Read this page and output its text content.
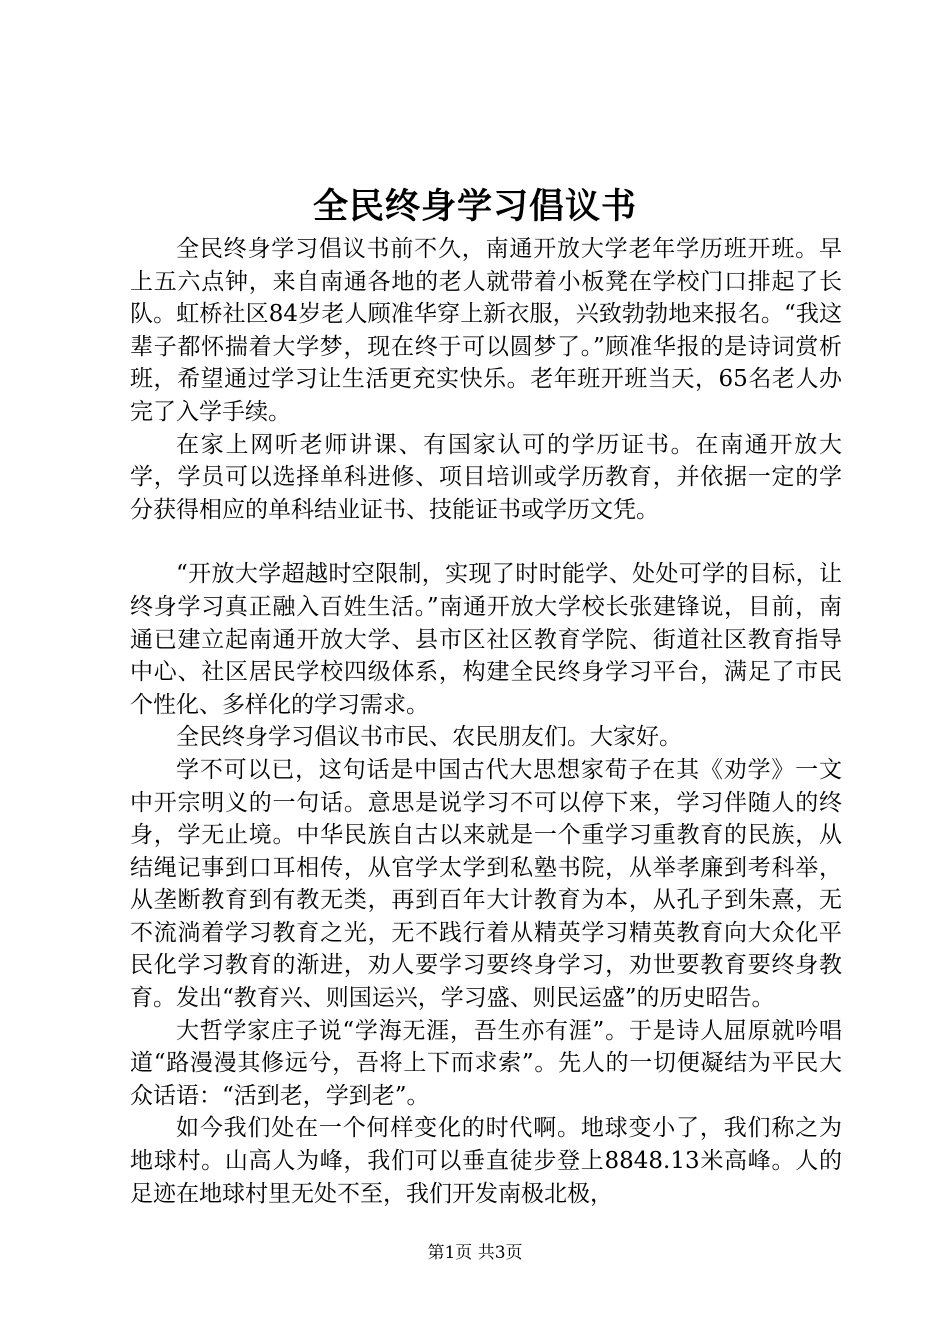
全民终身学习倡议书

全民终身学习倡议书前不久，南通开放大学老年学历班开班。早上五六点钟，来自南通各地的老人就带着小板凳在学校门口排起了长队。虹桥社区84岁老人顾准华穿上新衣服，兴致勃勃地来报名。“我这辈子都怀揣着大学梦，现在终于可以圆梦了。”顾准华报的是诗词赏析班，希望通过学习让生活更充实快乐。老年班开班当天，65名老人办完了入学手续。

在家上网听老师讲课、有国家认可的学历证书。在南通开放大学，学员可以选择单科进修、项目培训或学历教育，并依据一定的学分获得相应的单科结业证书、技能证书或学历文凭。

“开放大学超越时空限制，实现了时时能学、处处可学的目标，让终身学习真正融入百姓生活。”南通开放大学校长张建锋说，目前，南通已建立起南通开放大学、县市区社区教育学院、街道社区教育指导中心、社区居民学校四级体系，构建全民终身学习平台，满足了市民个性化、多样化的学习需求。

全民终身学习倡议书市民、农民朋友们。大家好。

学不可以已，这句话是中国古代大思想家荀子在其《劝学》一文中开宗明义的一句话。意思是说学习不可以停下来，学习伴随人的终身，学无止境。中华民族自古以来就是一个重学习重教育的民族，从结绳记事到口耳相传，从官学太学到私塾书院，从举孝廉到考科举，从垄断教育到有教无类，再到百年大计教育为本，从孔子到朱熹，无不流淌着学习教育之光，无不践行着从精英学习精英教育向大众化平民化学习教育的渐进，劝人要学习要终身学习，劝世要教育要终身教育。发出“教育兴、则国运兴，学习盛、则民运盛”的历史昭告。

大哲学家庄子说“学海无涯，吾生亦有涯”。于是诗人屈原就吟唱道“路漫漫其修远兮，吾将上下而求索”。先人的一切便凝结为平民大众话语：“活到老，学到老”。

如今我们处在一个何样变化的时代啊。地球变小了，我们称之为地球村。山高人为峰，我们可以垂直徒步登上8848.13米高峰。人的足迹在地球村里无处不至，我们开发南极北极，

第1页 共3页
